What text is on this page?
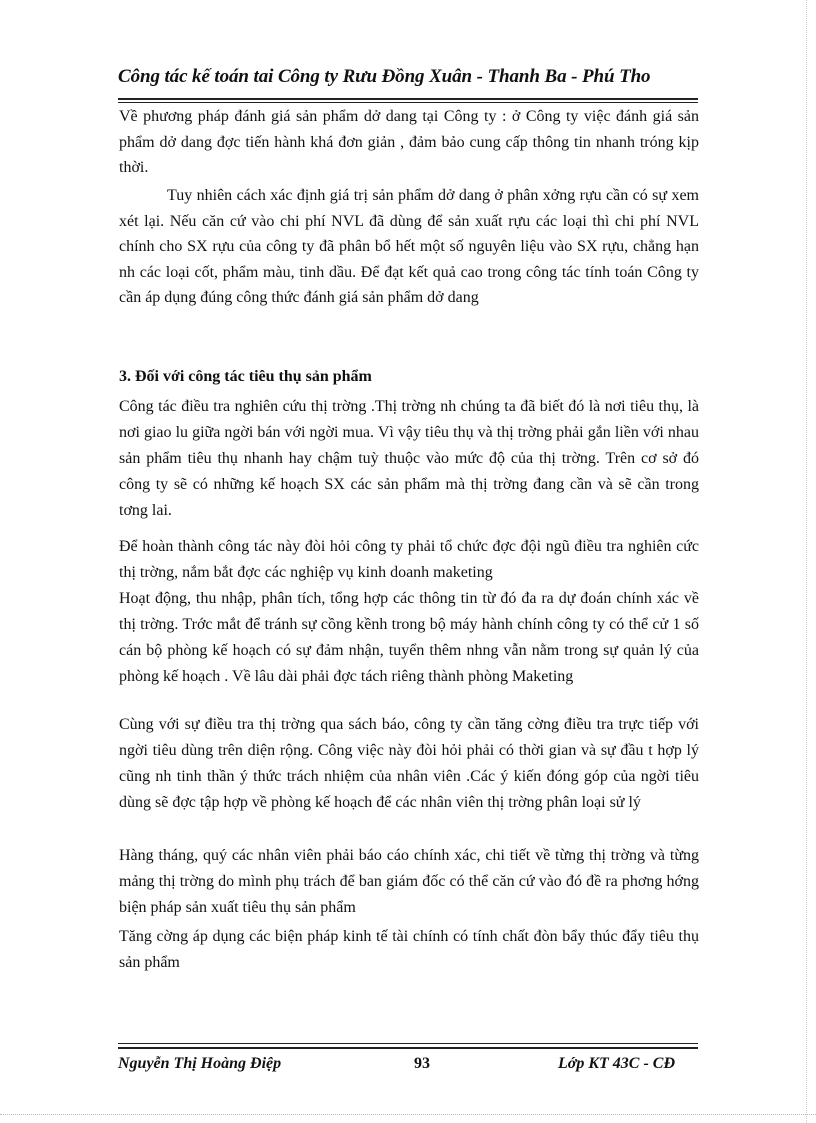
Công tác kế toán tai Công ty Rưu Đồng Xuân - Thanh Ba - Phú Tho

Về phương pháp đánh giá sản phẩm dở dang tại Công ty : ở Công ty việc đánh giá sản phẩm dở dang đợc tiến hành khá đơn giản , đảm bảo cung cấp thông tin nhanh tróng kịp thời.

Tuy nhiên cách xác định giá trị sản phẩm dở dang ở phân xởng rựu cần có sự xem xét lại. Nếu căn cứ vào chi phí NVL đã dùng để sản xuất rựu các loại thì chi phí NVL chính cho SX rựu của công ty đã phân bổ hết một số nguyên liệu vào SX rựu, chẳng hạn nh các loại cốt, phẩm màu, tinh dầu. Để đạt kết quả cao trong công tác tính toán Công ty cần áp dụng đúng công thức đánh giá sản phẩm dở dang

3. Đối với công tác tiêu thụ sản phẩm

Công tác điều tra nghiên cứu thị trờng .Thị trờng nh chúng ta đã biết đó là nơi tiêu thụ, là nơi giao lu giữa ngời bán với ngời mua. Vì vậy tiêu thụ và thị trờng phải gắn liền với nhau sản phẩm tiêu thụ nhanh hay chậm tuỳ thuộc vào mức độ của thị trờng. Trên cơ sở đó công ty sẽ có những kế hoạch SX các sản phẩm mà thị trờng đang cần và sẽ cần trong tơng lai.

Để hoàn thành công tác này đòi hỏi công ty phải tổ chức đợc đội ngũ điều tra nghiên cức thị trờng, nắm bắt đợc các nghiệp vụ kinh doanh maketing

Hoạt động, thu nhập, phân tích, tổng hợp các thông tin từ đó đa ra dự đoán chính xác về thị trờng. Trớc mắt để tránh sự cồng kềnh trong bộ máy hành chính công ty có thể cử 1 số cán bộ phòng kế hoạch có sự đảm nhận, tuyển thêm nhng vẫn nằm trong sự quản lý của phòng kế hoạch . Về lâu dài phải đợc tách riêng thành phòng Maketing

Cùng với sự điều tra thị trờng qua sách báo, công ty cần tăng cờng điều tra trực tiếp với ngời tiêu dùng trên diện rộng. Công việc này đòi hỏi phải có thời gian và sự đầu t hợp lý cũng nh tinh thần ý thức trách nhiệm của nhân viên .Các ý kiến đóng góp của ngời tiêu dùng sẽ đợc tập hợp về phòng kế hoạch để các nhân viên thị trờng phân loại sử lý

Hàng tháng, quý các nhân viên phải báo cáo chính xác, chi tiết về từng thị trờng và từng mảng thị trờng do mình phụ trách để ban giám đốc có thể căn cứ vào đó đề ra phơng hớng biện pháp sản xuất tiêu thụ sản phẩm

Tăng cờng áp dụng các biện pháp kinh tế tài chính có tính chất đòn bẩy thúc đẩy tiêu thụ sản phẩm

Nguyễn Thị Hoàng Điệp	93	Lớp KT 43C - CĐ
